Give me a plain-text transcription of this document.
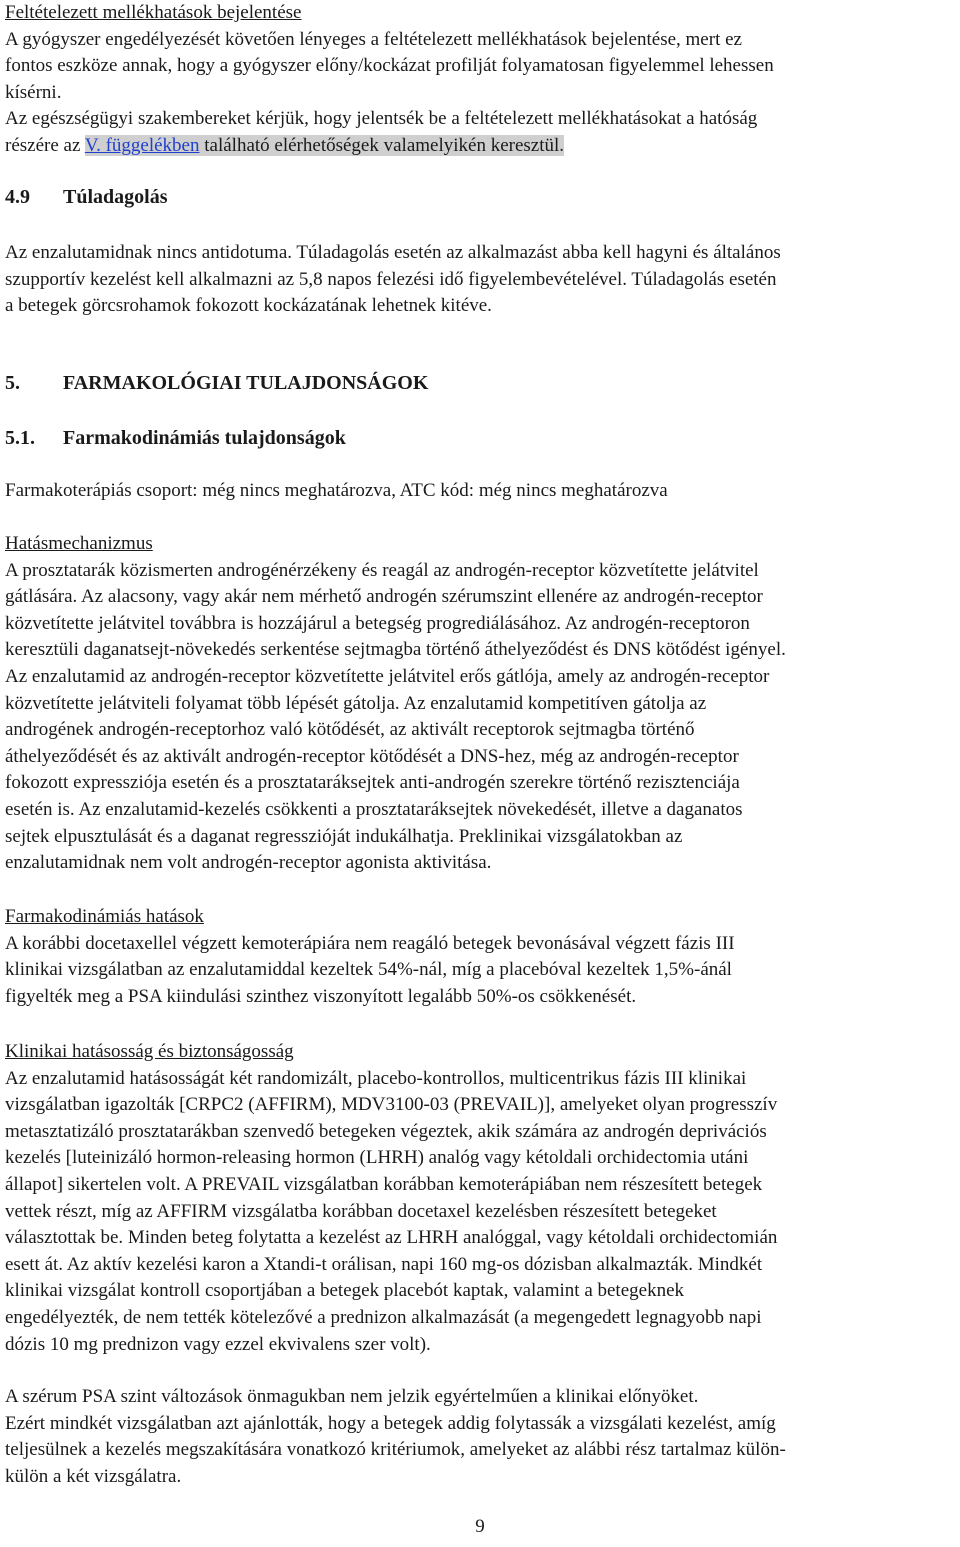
Feltételezett mellékhatások bejelentése
A gyógyszer engedélyezését követően lényeges a feltételezett mellékhatások bejelentése, mert ez
fontos eszköze annak, hogy a gyógyszer előny/kockázat profilját folyamatosan figyelemmel lehessen
kísérni.
Az egészségügyi szakembereket kérjük, hogy jelentsék be a feltételezett mellékhatásokat a hatóság
részére az V. függelékben található elérhetőségek valamelyikén keresztül.
4.9 Túladagolás
Az enzalutamidnak nincs antidotuma. Túladagolás esetén az alkalmazást abba kell hagyni és általános
szupportív kezelést kell alkalmazni az 5,8 napos felezési idő figyelembevételével. Túladagolás esetén
a betegek görcsrohamok fokozott kockázatának lehetnek kitéve.
5. FARMAKOLÓGIAI TULAJDONSÁGOK
5.1. Farmakodinámiás tulajdonságok
Farmakoterápiás csoport: még nincs meghatározva, ATC kód: még nincs meghatározva
Hatásmechanizmus
A prosztatarák közismerten androgénérzékeny és reagál az androgén-receptor közvetítette jelátvitel
gátlására. Az alacsony, vagy akár nem mérhető androgén szérumszint ellenére az androgén-receptor
közvetítette jelátvitel továbbra is hozzájárul a betegség progrediálásához. Az androgén-receptoron
keresztüli daganatsejt-növekedés serkentése sejtmagba történő áthelyeződést és DNS kötődést igényel.
Az enzalutamid az androgén-receptor közvetítette jelátvitel erős gátlója, amely az androgén-receptor
közvetítette jelátviteli folyamat több lépését gátolja. Az enzalutamid kompetitíven gátolja az
androgének androgén-receptorhoz való kötődését, az aktivált receptorok sejtmagba történő
áthelyeződését és az aktivált androgén-receptor kötődését a DNS-hez, még az androgén-receptor
fokozott expressziója esetén és a prosztataráksejtek anti-androgén szerekre történő rezisztenciája
esetén is. Az enzalutamid-kezelés csökkenti a prosztataráksejtek növekedését, illetve a daganatos
sejtek elpusztulását és a daganat regresszióját indukálhatja. Preklinikai vizsgálatokban az
enzalutamidnak nem volt androgén-receptor agonista aktivitása.
Farmakodinámiás hatások
A korábbi docetaxellel végzett kemoterápiára nem reagáló betegek bevonásával végzett fázis III
klinikai vizsgálatban az enzalutamiddal kezeltek 54%-nál, míg a placebóval kezeltek 1,5%-ánál
figyelték meg a PSA kiindulási szinthez viszonyított legalább 50%-os csökkenését.
Klinikai hatásosság és biztonságosság
Az enzalutamid hatásosságát két randomizált, placebo-kontrollos, multicentrikus fázis III klinikai
vizsgálatban igazolták [CRPC2 (AFFIRM), MDV3100-03 (PREVAIL)], amelyeket olyan progresszív
metasztatizáló prosztatarákban szenvedő betegeken végeztek, akik számára az androgén deprivációs
kezelés [luteinizáló hormon-releasing hormon (LHRH) analóg vagy kétoldali orchidectomia utáni
állapot] sikertelen volt. A PREVAIL vizsgálatban korábban kemoterápiában nem részesített betegek
vettek részt, míg az AFFIRM vizsgálatba korábban docetaxel kezelésben részesített betegeket
választottak be. Minden beteg folytatta a kezelést az LHRH analóggal, vagy kétoldali orchidectomián
esett át. Az aktív kezelési karon a Xtandi-t orálisan, napi 160 mg-os dózisban alkalmazták. Mindkét
klinikai vizsgálat kontroll csoportjában a betegek placebót kaptak, valamint a betegeknek
engedélyezték, de nem tették kötelezővé a prednizon alkalmazását (a megengedett legnagyobb napi
dózis 10 mg prednizon vagy ezzel ekvivalens szer volt).
A szérum PSA szint változások önmagukban nem jelzik egyértelműen a klinikai előnyöket.
Ezért mindkét vizsgálatban azt ajánlották, hogy a betegek addig folytassák a vizsgálati kezelést, amíg
teljesülnek a kezelés megszakítására vonatkozó kritériumok, amelyeket az alábbi rész tartalmaz külön-
külön a két vizsgálatra.
9
